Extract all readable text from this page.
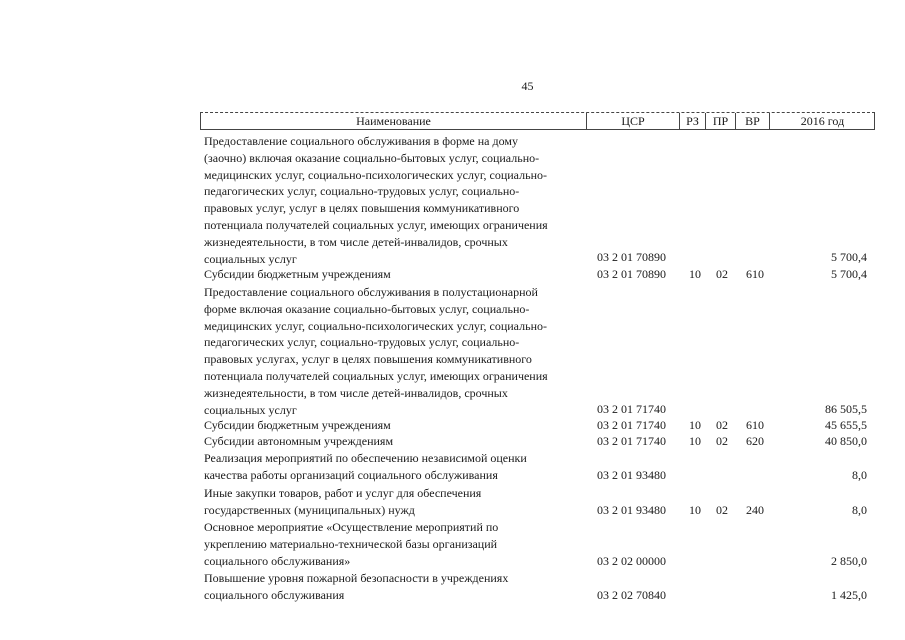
45
Наименование	ЦСР	РЗ	ПР	ВР	2016 год
Предоставление социального обслуживания в форме на дому
(заочно) включая оказание социально-бытовых услуг, социально-
медицинских услуг, социально-психологических услуг, социально-
педагогических услуг, социально-трудовых услуг, социально-
правовых услуг, услуг в целях повышения коммуникативного
потенциала получателей социальных услуг, имеющих ограничения
жизнедеятельности, в том числе детей-инвалидов, срочных
социальных услуг	03 2 01 70890	5 700,4
Субсидии бюджетным учреждениям	03 2 01 70890	10 02 610	5 700,4
Предоставление социального обслуживания в полустационарной
форме включая оказание социально-бытовых услуг, социально-
медицинских услуг, социально-психологических услуг, социально-
педагогических услуг, социально-трудовых услуг, социально-
правовых услугах, услуг в целях повышения коммуникативного
потенциала получателей социальных услуг, имеющих ограничения
жизнедеятельности, в том числе детей-инвалидов, срочных
социальных услуг	03 2 01 71740	86 505,5
Субсидии бюджетным учреждениям	03 2 01 71740	10 02 610	45 655,5
Субсидии автономным учреждениям	03 2 01 71740	10 02 620	40 850,0
Реализация мероприятий по обеспечению независимой оценки
качества работы организаций социального обслуживания	03 2 01 93480	8,0
Иные закупки товаров, работ и услуг для обеспечения
государственных (муниципальных) нужд	03 2 01 93480	10 02 240	8,0
Основное мероприятие «Осуществление мероприятий по
укреплению материально-технической базы организаций
социального обслуживания»	03 2 02 00000	2 850,0
Повышение уровня пожарной безопасности в учреждениях
социального обслуживания	03 2 02 70840	1 425,0
